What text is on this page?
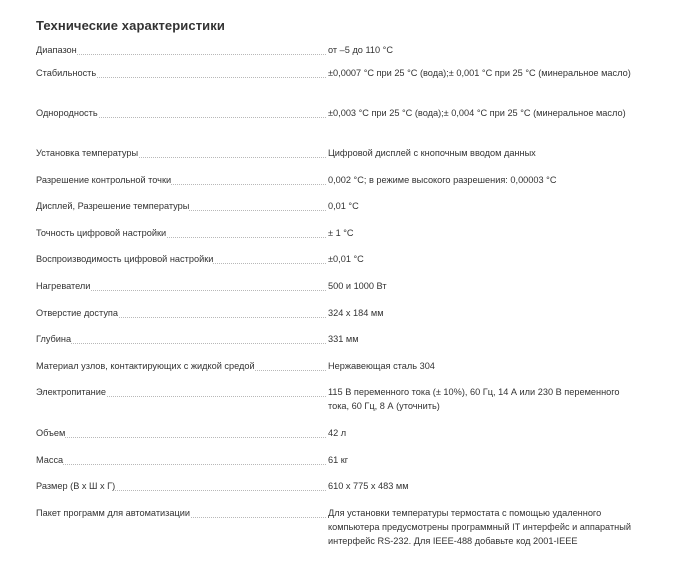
Технические характеристики
Диапазон	от –5 до 110 °C
Стабильность	±0,0007 °C при 25 °C (вода);± 0,001 °C при 25 °C (минеральное масло)
Однородность	±0,003 °C при 25 °C (вода);± 0,004 °C при 25 °C (минеральное масло)
Установка температуры	Цифровой дисплей с кнопочным вводом данных
Разрешение контрольной точки	0,002 °C; в режиме высокого разрешения: 0,00003 °C
Дисплей, Разрешение температуры	0,01 °C
Точность цифровой настройки	± 1 °C
Воспроизводимость цифровой настройки	±0,01 °C
Нагреватели	500 и 1000 Вт
Отверстие доступа	324 x 184 мм
Глубина	331 мм
Материал узлов, контактирующих с жидкой средой	Нержавеющая сталь 304
Электропитание	115 В переменного тока (± 10%), 60 Гц, 14 А или 230 В переменного тока, 60 Гц, 8 А (уточнить)
Объем	42 л
Масса	61 кг
Размер (В x Ш x Г)	610 x 775 x 483 мм
Пакет программ для автоматизации	Для установки температуры термостата с помощью удаленного компьютера предусмотрены программный IT интерфейс и аппаратный интерфейс RS-232. Для IEEE-488 добавьте код 2001-IEEE
